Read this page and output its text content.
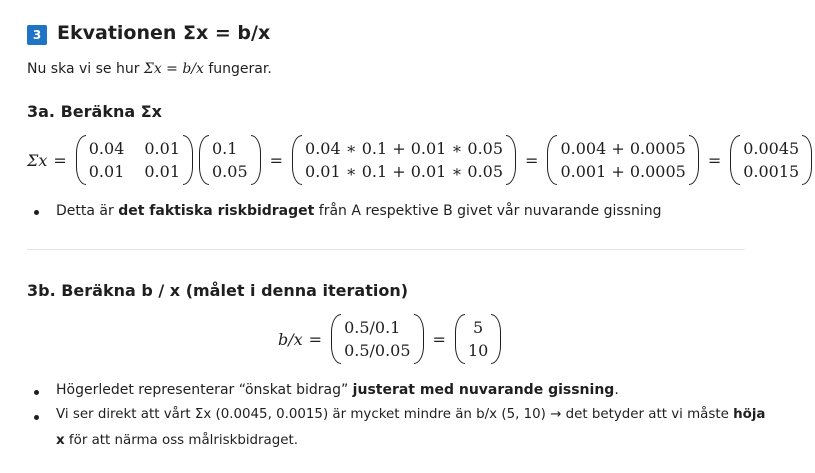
3 Ekvationen Σx = b/x
Nu ska vi se hur Σx = b/x fungerar.
3a. Beräkna Σx
Σx =
0.04 0.01
0.01 0.01
0.1
0.05
=
0.04 ∗ 0.1 + 0.01 ∗ 0.05
0.01 ∗ 0.1 + 0.01 ∗ 0.05
=
0.004 + 0.0005
0.001 + 0.0005
=
0.0045
0.0015
Detta är det faktiska riskbidraget från A respektive B givet vår nuvarande gissning
3b. Beräkna b / x (målet i denna iteration)
b/x =
0.5/0.1
0.5/0.05
=
5
10
Högerledet representerar “önskat bidrag” justerat med nuvarande gissning.
Vi ser direkt att vårt Σx (0.0045, 0.0015) är mycket mindre än b/x (5, 10) → det betyder att vi måste höja
x för att närma oss målriskbidraget.
